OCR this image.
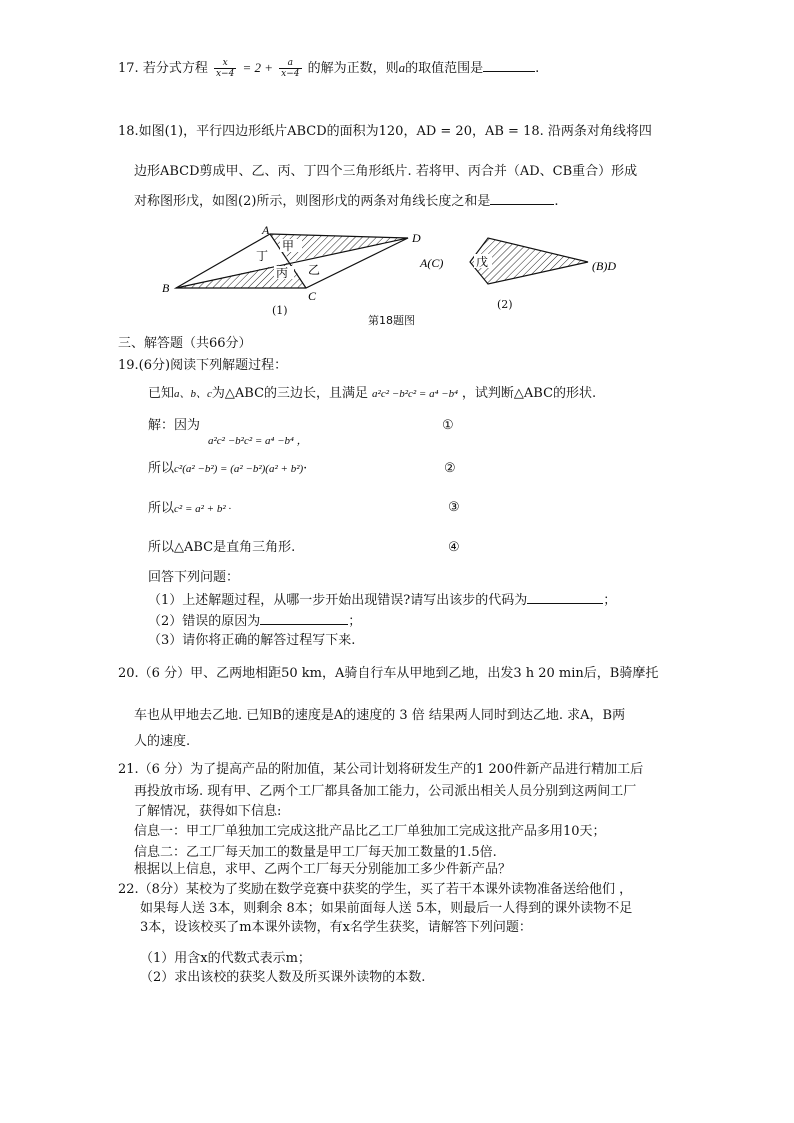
17. 若分式方程 $\frac{x}{x-4} = 2 + \frac{a}{x-4}$ 的解为正数，则a的取值范围是	.
18.如图(1)，平行四边形纸片ABCD的面积为120，AD = 20，AB = 18. 沿两条对角线将四
边形ABCD剪成甲、乙、丙、丁四个三角形纸片. 若将甲、丙合并（AD、CB重合）形成
对称图形戊，如图(2)所示，则图形戊的两条对角线长度之和是	.
A
D
C
B
甲
乙
丙
丁
(1)
戊
A(C)	(B)D
(2)
第18题图
三、解答题（共66分）
19.(6分)阅读下列解题过程：
已知a、b、c为△ABC的三边长，且满足 a²c² −b²c² = a⁴ −b⁴ ，试判断△ABC的形状.
解：因为
a²c² −b²c² = a⁴ −b⁴ ，
①
所以c²(a² −b²) = (a² −b²)(a² + b²)·	②
所以c² = a² + b² ·	③
所以△ABC是直角三角形.	④
回答下列问题：
（1）上述解题过程，从哪一步开始出现错误?请写出该步的代码为	；
（2）错误的原因为	；
（3）请你将正确的解答过程写下来.
20.（6 分）甲、乙两地相距50 km，A骑自行车从甲地到乙地，出发3 h 20 min后，B骑摩托
车也从甲地去乙地. 已知B的速度是A的速度的 3 倍 结果两人同时到达乙地. 求A，B两
人的速度.
21.（6 分）为了提高产品的附加值，某公司计划将研发生产的1 200件新产品进行精加工后
再投放市场. 现有甲、乙两个工厂都具备加工能力，公司派出相关人员分别到这两间工厂
了解情况，获得如下信息:
信息一：甲工厂单独加工完成这批产品比乙工厂单独加工完成这批产品多用10天；
信息二：乙工厂每天加工的数量是甲工厂每天加工数量的1.5倍.
根据以上信息，求甲、乙两个工厂每天分别能加工多少件新产品？
22.（8分）某校为了奖励在数学竞赛中获奖的学生，买了若干本课外读物准备送给他们 ，
如果每人送 3本，则剩余 8本；如果前面每人送 5本，则最后一人得到的课外读物不足
3本，设该校买了m本课外读物，有x名学生获奖，请解答下列问题：
（1）用含x的代数式表示m；
（2）求出该校的获奖人数及所买课外读物的本数.
